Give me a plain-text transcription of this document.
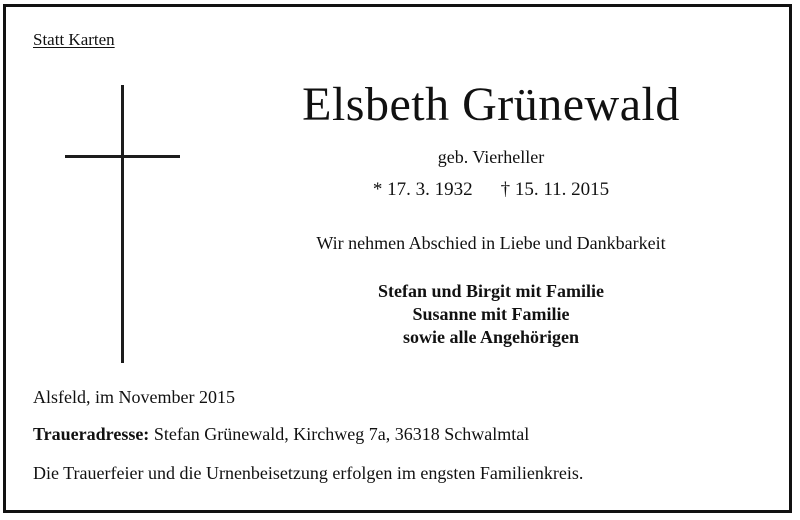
Statt Karten
Elsbeth Grünewald
geb. Vierheller
* 17. 3. 1932 † 15. 11. 2015
Wir nehmen Abschied in Liebe und Dankbarkeit
Stefan und Birgit mit Familie
Susanne mit Familie
sowie alle Angehörigen
Alsfeld, im November 2015
Traueradresse: Stefan Grünewald, Kirchweg 7a, 36318 Schwalmtal
Die Trauerfeier und die Urnenbeisetzung erfolgen im engsten Familienkreis.
